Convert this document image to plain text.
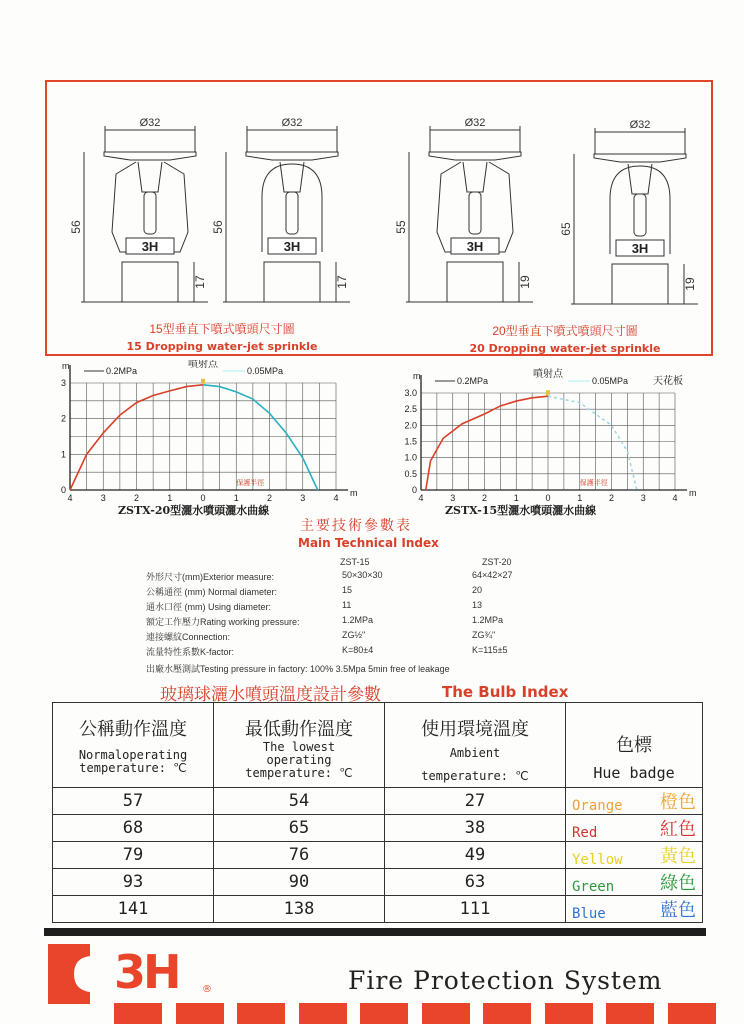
Ø32
3H
56
17
Ø32
3H
56
17
Ø32
3H
55
19
Ø32
3H
65
19
15型垂直下噴式噴頭尺寸圖
15 Dropping water-jet sprinkle
20型垂直下噴式噴頭尺寸圖
20 Dropping water-jet sprinkle
4	3	2	1	0	1	2	3	4
0
1
2
3
m
m
0.2MPa	0.05MPa
噴射点
保護半徑
ZSTX-20型灑水噴頭灑水曲線
4	3	2	1	0	1	2	3	4
0
0.5
1.0
1.5
2.0
2.5
3.0
m
m
0.2MPa	0.05MPa
噴射点
保護半徑
天花板
ZSTX-15型灑水噴頭灑水曲線
主要技術參數表
Main Technical Index
ZST-15	ZST-20
外形尺寸(mm)Exterior measure:	50×30×30	64×42×27
公稱通徑 (mm) Normal diameter:	15	20
通水口徑 (mm) Using diameter:	11	13
額定工作壓力Rating working pressure:	1.2MPa	1.2MPa
連接螺紋Connection:	ZG½"	ZG¾"
流量特性系數K-factor:	K=80±4	K=115±5
出廠水壓測試Testing pressure in factory: 100% 3.5Mpa 5min free of leakage
玻璃球灑水噴頭溫度設計參數	The Bulb Index
公稱動作溫度
Normaloperating
temperature: ℃	最低動作溫度
The lowest
operating
temperature: ℃	使用環境溫度
Ambient
temperature: ℃	色標
Hue badge

57	54	27	Orange 橙色

68	65	38	Red 紅色

79	76	49	Yellow 黃色

93	90	63	Green 綠色

141	138	111	Blue 藍色
3H ®	Fire Protection System
